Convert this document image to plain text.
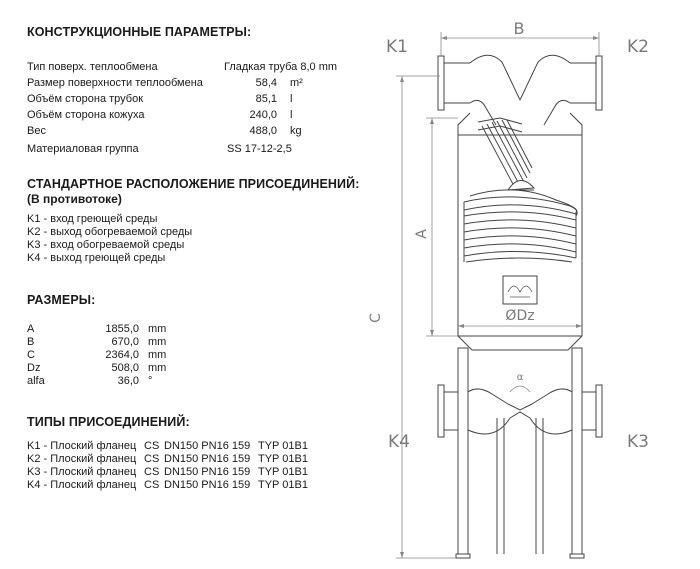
КОНСТРУКЦИОННЫЕ ПАРАМЕТРЫ:
Тип поверх. теплообмена	Гладкая труба 8,0 mm
Размер поверхности теплообмена	58,4 m²
Объём сторона трубок	85,1 l
Объём сторона кожуха	240,0 l
Вес	488,0 kg
Материаловая группа	SS 17-12-2,5
СТАНДАРТНОЕ РАСПОЛОЖЕНИЕ ПРИСОЕДИНЕНИЙ:
(В противотоке)
K1 - вход греющей среды
K2 - выход обогреваемой среды
K3 - вход обогреваемой среды
K4 - выход греющей среды
РАЗМЕРЫ:
A	1855,0 mm
B	670,0 mm
C	2364,0 mm
Dz	508,0 mm
alfa	36,0 °
ТИПЫ ПРИСОЕДИНЕНИЙ:
K1 - Плоский фланец CS DN150 PN16 159 TYP 01B1
K2 - Плоский фланец CS DN150 PN16 159 TYP 01B1
K3 - Плоский фланец CS DN150 PN16 159 TYP 01B1
K4 - Плоский фланец CS DN150 PN16 159 TYP 01B1
B
A
C	ØDz
α
K1	K2
K4	K3
